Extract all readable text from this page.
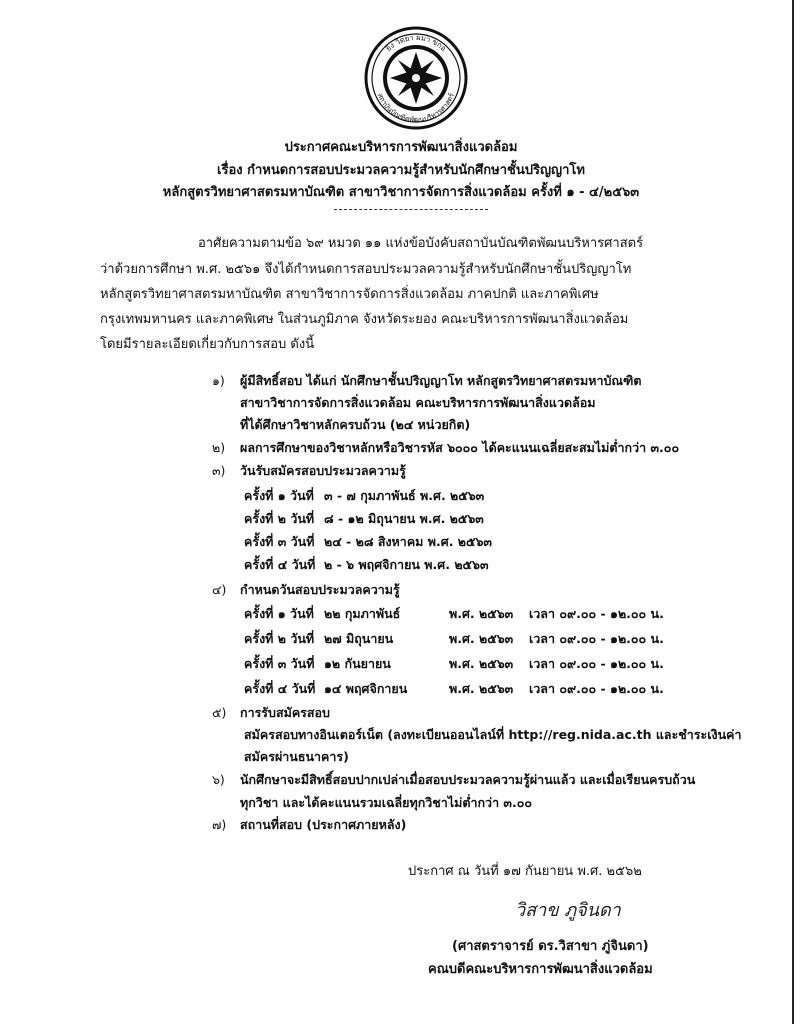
ยิง วีดยา ผมา ขกอ
สถาบันบัณฑิตพัฒนบริหารศาสตร์
ประกาศคณะบริหารการพัฒนาสิ่งแวดล้อม
เรื่อง กำหนดการสอบประมวลความรู้สำหรับนักศึกษาชั้นปริญญาโท
หลักสูตรวิทยาศาสตรมหาบัณฑิต สาขาวิชาการจัดการสิ่งแวดล้อม ครั้งที่ ๑ - ๔/๒๕๖๓
อาศัยความตามข้อ ๖๙ หมวด ๑๑ แห่งข้อบังคับสถาบันบัณฑิตพัฒนบริหารศาสตร์
ว่าด้วยการศึกษา พ.ศ. ๒๕๖๑ จึงได้กำหนดการสอบประมวลความรู้สำหรับนักศึกษาชั้นปริญญาโท
หลักสูตรวิทยาศาสตรมหาบัณฑิต สาขาวิชาการจัดการสิ่งแวดล้อม ภาคปกติ และภาคพิเศษ
กรุงเทพมหานคร และภาคพิเศษ ในส่วนภูมิภาค จังหวัดระยอง คณะบริหารการพัฒนาสิ่งแวดล้อม
โดยมีรายละเอียดเกี่ยวกับการสอบ ดังนี้
๑)	ผู้มีสิทธิ์สอบ ได้แก่ นักศึกษาชั้นปริญญาโท หลักสูตรวิทยาศาสตรมหาบัณฑิต
สาขาวิชาการจัดการสิ่งแวดล้อม คณะบริหารการพัฒนาสิ่งแวดล้อม
ที่ได้ศึกษาวิชาหลักครบถ้วน (๒๔ หน่วยกิต)
๒)	ผลการศึกษาของวิชาหลักหรือวิชารหัส ๖๐๐๐ ได้คะแนนเฉลี่ยสะสมไม่ต่ำกว่า ๓.๐๐
๓)	วันรับสมัครสอบประมวลความรู้
ครั้งที่ ๑ วันที่ ๓ - ๗ กุมภาพันธ์ พ.ศ. ๒๕๖๓
ครั้งที่ ๒ วันที่ ๘ - ๑๒ มิถุนายน พ.ศ. ๒๕๖๓
ครั้งที่ ๓ วันที่ ๒๔ - ๒๘ สิงหาคม พ.ศ. ๒๕๖๓
ครั้งที่ ๔ วันที่ ๒ - ๖ พฤศจิกายน พ.ศ. ๒๕๖๓
๔)	กำหนดวันสอบประมวลความรู้
ครั้งที่ ๑ วันที่ ๒๒ กุมภาพันธ์	พ.ศ. ๒๕๖๓ เวลา ๐๙.๐๐ - ๑๒.๐๐ น.
ครั้งที่ ๒ วันที่ ๒๗ มิถุนายน	พ.ศ. ๒๕๖๓ เวลา ๐๙.๐๐ - ๑๒.๐๐ น.
ครั้งที่ ๓ วันที่ ๑๒ กันยายน	พ.ศ. ๒๕๖๓ เวลา ๐๙.๐๐ - ๑๒.๐๐ น.
ครั้งที่ ๔ วันที่ ๑๔ พฤศจิกายน	พ.ศ. ๒๕๖๓ เวลา ๐๙.๐๐ - ๑๒.๐๐ น.
๕)	การรับสมัครสอบ
สมัครสอบทางอินเตอร์เน็ต (ลงทะเบียนออนไลน์ที่ http://reg.nida.ac.th และชำระเงินค่า
สมัครผ่านธนาคาร)
๖)	นักศึกษาจะมีสิทธิ์สอบปากเปล่าเมื่อสอบประมวลความรู้ผ่านแล้ว และเมื่อเรียนครบถ้วน
ทุกวิชา และได้คะแนนรวมเฉลี่ยทุกวิชาไม่ต่ำกว่า ๓.๐๐
๗)	สถานที่สอบ (ประกาศภายหลัง)
ประกาศ ณ วันที่ ๑๗ กันยายน พ.ศ. ๒๕๖๒
วิสาข ภูจินดา
(ศาสตราจารย์ ดร.วิสาขา ภู่จินดา)
คณบดีคณะบริหารการพัฒนาสิ่งแวดล้อม
